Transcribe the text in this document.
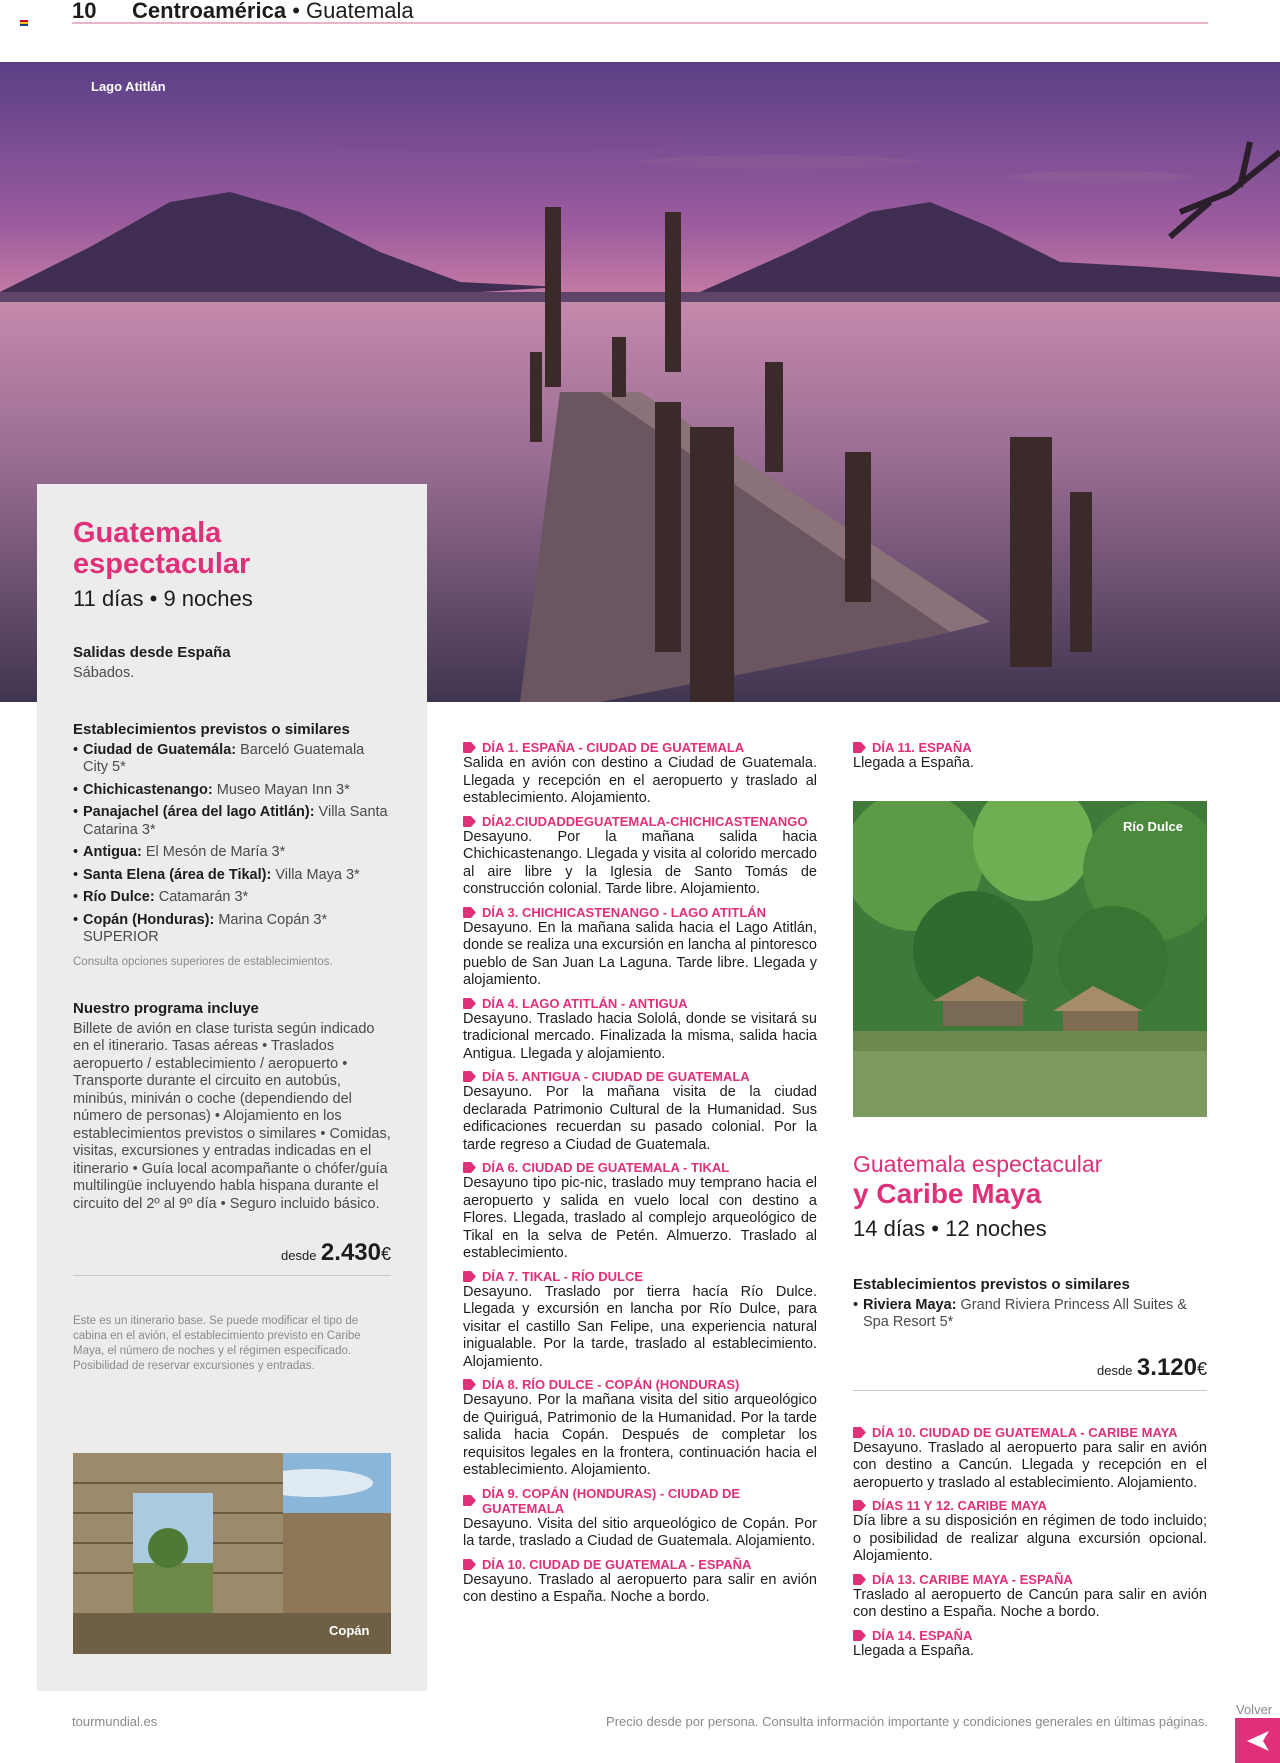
10 Centroamérica • Guatemala
Lago Atitlán
Guatemala
espectacular
11 días • 9 noches
Salidas desde España
Sábados.
Establecimientos previstos o similares
• Ciudad de Guatemála: Barceló Guatemala City 5*
• Chichicastenango: Museo Mayan Inn 3*
• Panajachel (área del lago Atitlán): Villa Santa Catarina 3*
• Antigua: El Mesón de María 3*
• Santa Elena (área de Tikal): Villa Maya 3*
• Río Dulce: Catamarán 3*
• Copán (Honduras): Marina Copán 3* SUPERIOR
Consulta opciones superiores de establecimientos.
Nuestro programa incluye
Billete de avión en clase turista según indicado en el itinerario. Tasas aéreas • Traslados aeropuerto / establecimiento / aeropuerto • Transporte durante el circuito en autobús, minibús, miniván o coche (dependiendo del número de personas) • Alojamiento en los establecimientos previstos o similares • Comidas, visitas, excursiones y entradas indicadas en el itinerario • Guía local acompañante o chófer/guía multilingüe incluyendo habla hispana durante el circuito del 2º al 9º día • Seguro incluido básico.
desde 2.430€
Este es un itinerario base. Se puede modificar el tipo de cabina en el avión, el establecimiento previsto en Caribe Maya, el número de noches y el régimen especificado. Posibilidad de reservar excursiones y entradas.
Copán
DÍA 1. ESPAÑA - CIUDAD DE GUATEMALA
Salida en avión con destino a Ciudad de Guatemala. Llegada y recepción en el aeropuerto y traslado al establecimiento. Alojamiento.
DÍA2.CIUDADDEGUATEMALA-CHICHICASTENANGO
Desayuno. Por la mañana salida hacia Chichicastenango. Llegada y visita al colorido mercado al aire libre y la Iglesia de Santo Tomás de construcción colonial. Tarde libre. Alojamiento.
DÍA 3. CHICHICASTENANGO - LAGO ATITLÁN
Desayuno. En la mañana salida hacia el Lago Atitlán, donde se realiza una excursión en lancha al pintoresco pueblo de San Juan La Laguna. Tarde libre. Llegada y alojamiento.
DÍA 4. LAGO ATITLÁN - ANTIGUA
Desayuno. Traslado hacia Sololá, donde se visitará su tradicional mercado. Finalizada la misma, salida hacia Antigua. Llegada y alojamiento.
DÍA 5. ANTIGUA - CIUDAD DE GUATEMALA
Desayuno. Por la mañana visita de la ciudad declarada Patrimonio Cultural de la Humanidad. Sus edificaciones recuerdan su pasado colonial. Por la tarde regreso a Ciudad de Guatemala.
DÍA 6. CIUDAD DE GUATEMALA - TIKAL
Desayuno tipo pic-nic, traslado muy temprano hacia el aeropuerto y salida en vuelo local con destino a Flores. Llegada, traslado al complejo arqueológico de Tikal en la selva de Petén. Almuerzo. Traslado al establecimiento.
DÍA 7. TIKAL - RÍO DULCE
Desayuno. Traslado por tierra hacía Río Dulce. Llegada y excursión en lancha por Río Dulce, para visitar el castillo San Felipe, una experiencia natural inigualable. Por la tarde, traslado al establecimiento. Alojamiento.
DÍA 8. RÍO DULCE - COPÁN (HONDURAS)
Desayuno. Por la mañana visita del sitio arqueológico de Quiriguá, Patrimonio de la Humanidad. Por la tarde salida hacia Copán. Después de completar los requisitos legales en la frontera, continuación hacia el establecimiento. Alojamiento.
DÍA 9. COPÁN (HONDURAS) - CIUDAD DE GUATEMALA
Desayuno. Visita del sitio arqueológico de Copán. Por la tarde, traslado a Ciudad de Guatemala. Alojamiento.
DÍA 10. CIUDAD DE GUATEMALA - ESPAÑA
Desayuno. Traslado al aeropuerto para salir en avión con destino a España. Noche a bordo.
DÍA 11. ESPAÑA
Llegada a España.
Río Dulce
Guatemala espectacular
y Caribe Maya
14 días • 12 noches
Establecimientos previstos o similares
• Riviera Maya: Grand Riviera Princess All Suites & Spa Resort 5*
desde 3.120€
DÍA 10. CIUDAD DE GUATEMALA - CARIBE MAYA
Desayuno. Traslado al aeropuerto para salir en avión con destino a Cancún. Llegada y recepción en el aeropuerto y traslado al establecimiento. Alojamiento.
DÍAS 11 Y 12. CARIBE MAYA
Día libre a su disposición en régimen de todo incluido; o posibilidad de realizar alguna excursión opcional. Alojamiento.
DÍA 13. CARIBE MAYA - ESPAÑA
Traslado al aeropuerto de Cancún para salir en avión con destino a España. Noche a bordo.
DÍA 14. ESPAÑA
Llegada a España.
tourmundial.es	Precio desde por persona. Consulta información importante y condiciones generales en últimas páginas.
Volver
